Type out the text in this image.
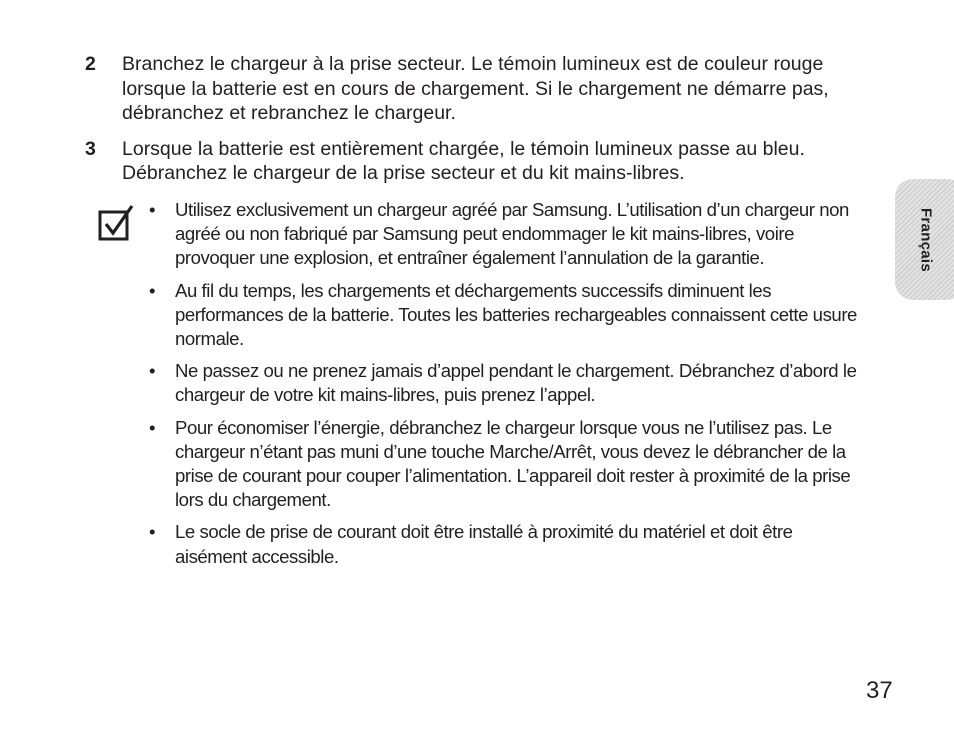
2 Branchez le chargeur à la prise secteur. Le témoin lumineux est de couleur rouge lorsque la batterie est en cours de chargement. Si le chargement ne démarre pas, débranchez et rebranchez le chargeur.
3 Lorsque la batterie est entièrement chargée, le témoin lumineux passe au bleu. Débranchez le chargeur de la prise secteur et du kit mains-libres.
• Utilisez exclusivement un chargeur agréé par Samsung. L’utilisation d’un chargeur non agréé ou non fabriqué par Samsung peut endommager le kit mains-libres, voire provoquer une explosion, et entraîner également l’annulation de la garantie.
• Au fil du temps, les chargements et déchargements successifs diminuent les performances de la batterie. Toutes les batteries rechargeables connaissent cette usure normale.
• Ne passez ou ne prenez jamais d’appel pendant le chargement. Débranchez d’abord le chargeur de votre kit mains-libres, puis prenez l’appel.
• Pour économiser l’énergie, débranchez le chargeur lorsque vous ne l’utilisez pas. Le chargeur n’étant pas muni d’une touche Marche/Arrêt, vous devez le débrancher de la prise de courant pour couper l’alimentation. L’appareil doit rester à proximité de la prise lors du chargement.
• Le socle de prise de courant doit être installé à proximité du matériel et doit être aisément accessible.
Français
37
